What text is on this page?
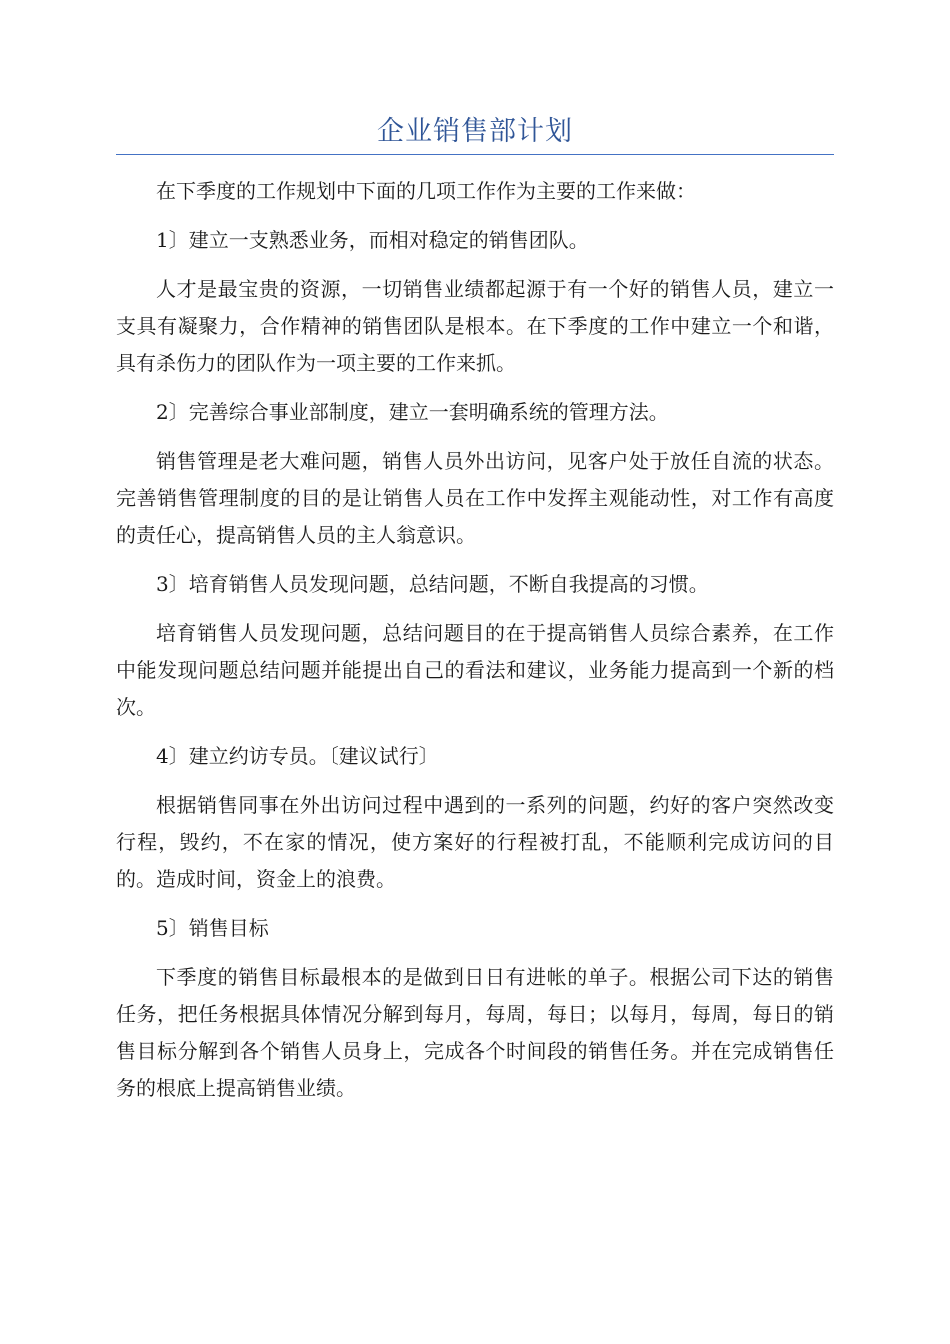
企业销售部计划

在下季度的工作规划中下面的几项工作作为主要的工作来做：

1〕建立一支熟悉业务，而相对稳定的销售团队。

人才是最宝贵的资源，一切销售业绩都起源于有一个好的销售人员，建立一支具有凝聚力，合作精神的销售团队是根本。在下季度的工作中建立一个和谐，具有杀伤力的团队作为一项主要的工作来抓。

2〕完善综合事业部制度，建立一套明确系统的管理方法。

销售管理是老大难问题，销售人员外出访问，见客户处于放任自流的状态。完善销售管理制度的目的是让销售人员在工作中发挥主观能动性，对工作有高度的责任心，提高销售人员的主人翁意识。

3〕培育销售人员发现问题，总结问题，不断自我提高的习惯。

培育销售人员发现问题，总结问题目的在于提高销售人员综合素养，在工作中能发现问题总结问题并能提出自己的看法和建议，业务能力提高到一个新的档次。

4〕建立约访专员。〔建议试行〕

根据销售同事在外出访问过程中遇到的一系列的问题，约好的客户突然改变行程，毁约，不在家的情况，使方案好的行程被打乱，不能顺利完成访问的目的。造成时间，资金上的浪费。

5〕销售目标

下季度的销售目标最根本的是做到日日有进帐的单子。根据公司下达的销售任务，把任务根据具体情况分解到每月，每周，每日；以每月，每周，每日的销售目标分解到各个销售人员身上，完成各个时间段的销售任务。并在完成销售任务的根底上提高销售业绩。
